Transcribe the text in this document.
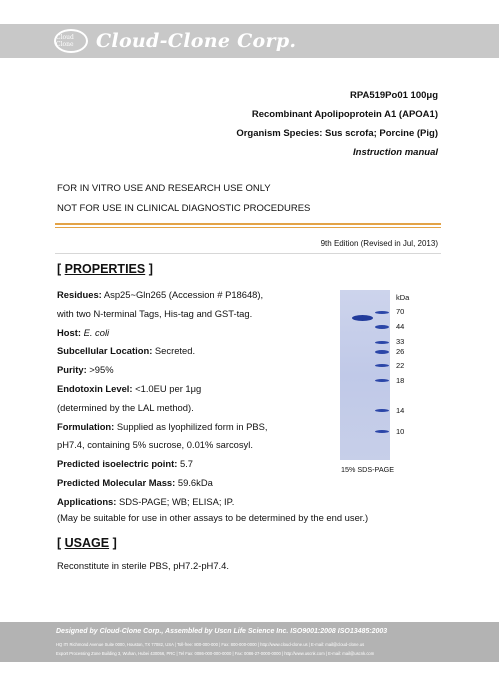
Cloud Clone	Cloud-Clone Corp.
RPA519Po01 100μg
Recombinant Apolipoprotein A1 (APOA1)
Organism Species: Sus scrofa; Porcine (Pig)
Instruction manual
FOR IN VITRO USE AND RESEARCH USE ONLY
NOT FOR USE IN CLINICAL DIAGNOSTIC PROCEDURES
9th Edition (Revised in Jul, 2013)
[ PROPERTIES ]
Residues: Asp25~Gln265 (Accession # P18648),
with two N-terminal Tags, His-tag and GST-tag.
Host: E. coli
Subcellular Location: Secreted.
Purity: >95%
Endotoxin Level: <1.0EU per 1μg
(determined by the LAL method).
Formulation: Supplied as lyophilized form in PBS,
pH7.4, containing 5% sucrose, 0.01% sarcosyl.
Predicted isoelectric point: 5.7
Predicted Molecular Mass: 59.6kDa
Applications: SDS-PAGE; WB; ELISA; IP.
(May be suitable for use in other assays to be determined by the end user.)
kDa
70
44
33
26
22
18
14
10
15% SDS-PAGE
[ USAGE ]
Reconstitute in sterile PBS, pH7.2-pH7.4.
Designed by Cloud-Clone Corp., Assembled by Uscn Life Science Inc. ISO9001:2008 ISO13485:2003
HQ ITI Richmond Avenue Suite 0000, Houston, TX 77082, USA | Toll-free: 800-000-000 | Fax: 800-000-0000 | http://www.cloud-clone.us | E-mail: mail@cloud-clone.us
Export Processing Zone Building 3, Wuhan, Hubei 430056, PRC | Tel Fax: 0086-000-000-0000 | Fax: 0086-27-0000-0000 | http://www.uscnk.com | E-mail: mail@uscnk.com
